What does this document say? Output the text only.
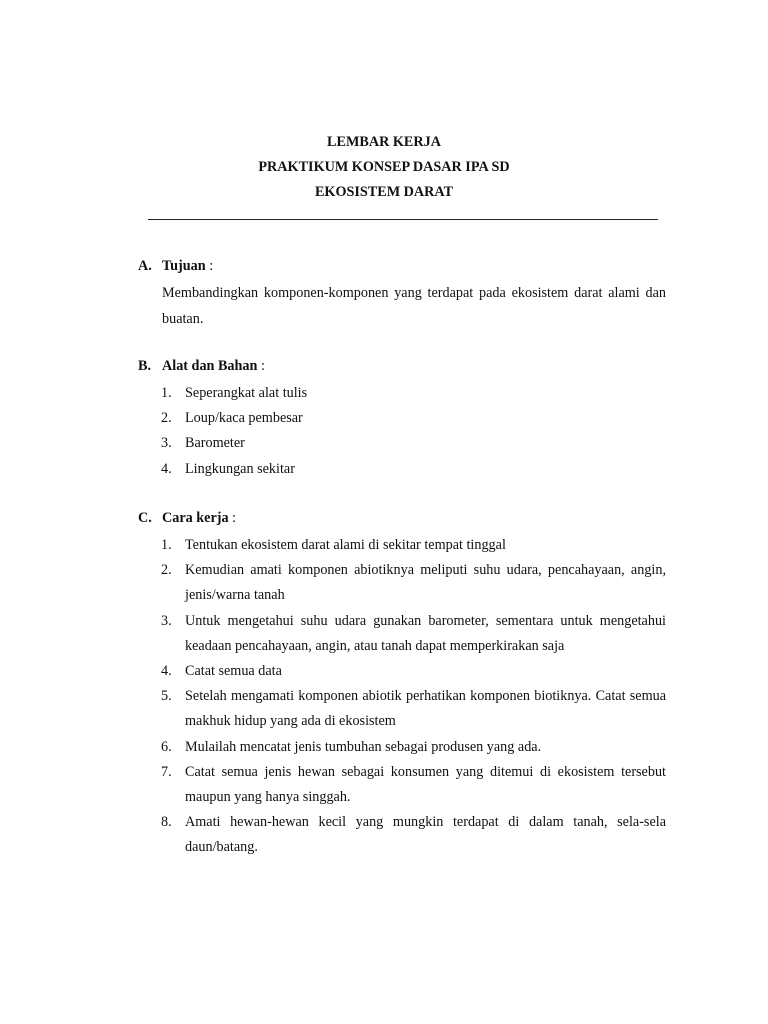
LEMBAR KERJA
PRAKTIKUM KONSEP DASAR IPA SD
EKOSISTEM DARAT
A. Tujuan :
Membandingkan komponen-komponen yang terdapat pada ekosistem darat alami dan buatan.
B. Alat dan Bahan :
1. Seperangkat alat tulis
2. Loup/kaca pembesar
3. Barometer
4. Lingkungan sekitar
C. Cara kerja :
1. Tentukan ekosistem darat alami di sekitar tempat tinggal
2. Kemudian amati komponen abiotiknya meliputi suhu udara, pencahayaan, angin, jenis/warna tanah
3. Untuk mengetahui suhu udara gunakan barometer, sementara untuk mengetahui keadaan pencahayaan, angin, atau tanah dapat memperkirakan saja
4. Catat semua data
5. Setelah mengamati komponen abiotik perhatikan komponen biotiknya. Catat semua makhuk hidup yang ada di ekosistem
6. Mulailah mencatat jenis tumbuhan sebagai produsen yang ada.
7. Catat semua jenis hewan sebagai konsumen yang ditemui di ekosistem tersebut maupun yang hanya singgah.
8. Amati hewan-hewan kecil yang mungkin terdapat di dalam tanah, sela-sela daun/batang.
